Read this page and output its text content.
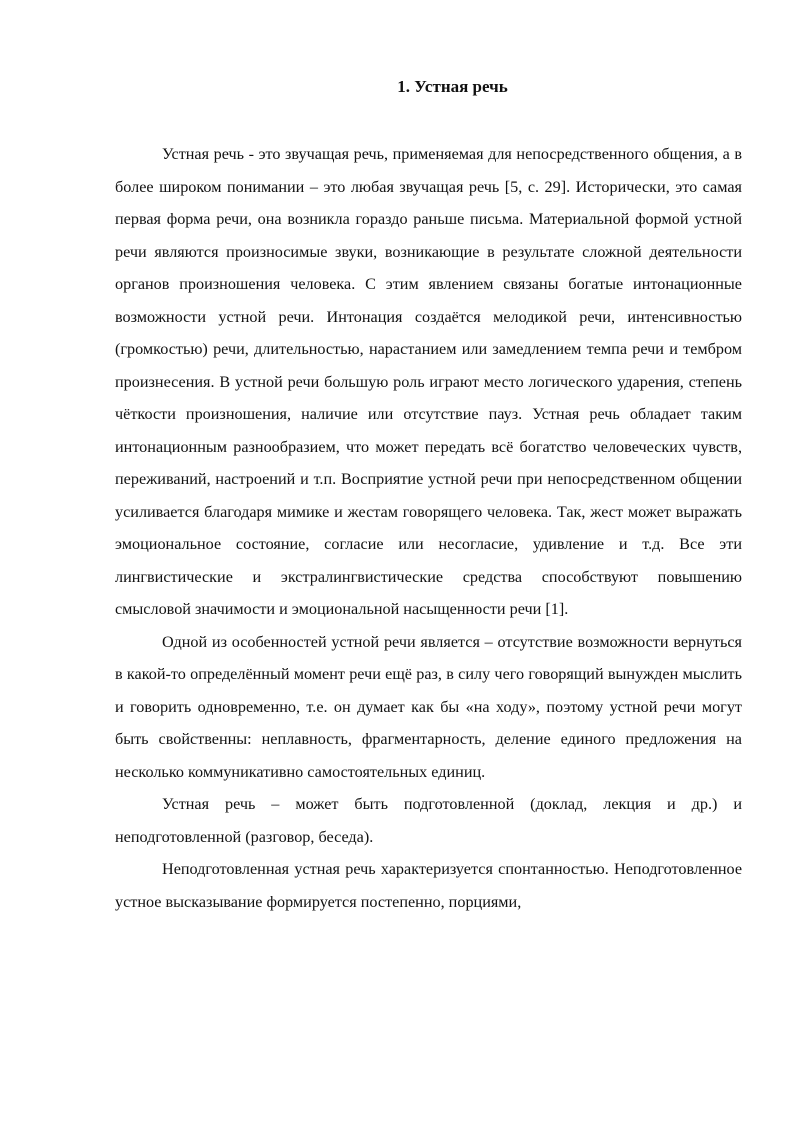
1. Устная речь

Устная речь - это звучащая речь, применяемая для непосредственного общения, а в более широком понимании – это любая звучащая речь [5, с. 29]. Исторически, это самая первая форма речи, она возникла гораздо раньше письма. Материальной формой устной речи являются произносимые звуки, возникающие в результате сложной деятельности органов произношения человека. С этим явлением связаны богатые интонационные возможности устной речи. Интонация создаётся мелодикой речи, интенсивностью (громкостью) речи, длительностью, нарастанием или замедлением темпа речи и тембром произнесения. В устной речи большую роль играют место логического ударения, степень чёткости произношения, наличие или отсутствие пауз. Устная речь обладает таким интонационным разнообразием, что может передать всё богатство человеческих чувств, переживаний, настроений и т.п. Восприятие устной речи при непосредственном общении усиливается благодаря мимике и жестам говорящего человека. Так, жест может выражать эмоциональное состояние, согласие или несогласие, удивление и т.д. Все эти лингвистические и экстралингвистические средства способствуют повышению смысловой значимости и эмоциональной насыщенности речи [1].

Одной из особенностей устной речи является – отсутствие возможности вернуться в какой-то определённый момент речи ещё раз, в силу чего говорящий вынужден мыслить и говорить одновременно, т.е. он думает как бы «на ходу», поэтому устной речи могут быть свойственны: неплавность, фрагментарность, деление единого предложения на несколько коммуникативно самостоятельных единиц.

Устная речь – может быть подготовленной (доклад, лекция и др.) и неподготовленной (разговор, беседа).

Неподготовленная устная речь характеризуется спонтанностью. Неподготовленное устное высказывание формируется постепенно, порциями,
